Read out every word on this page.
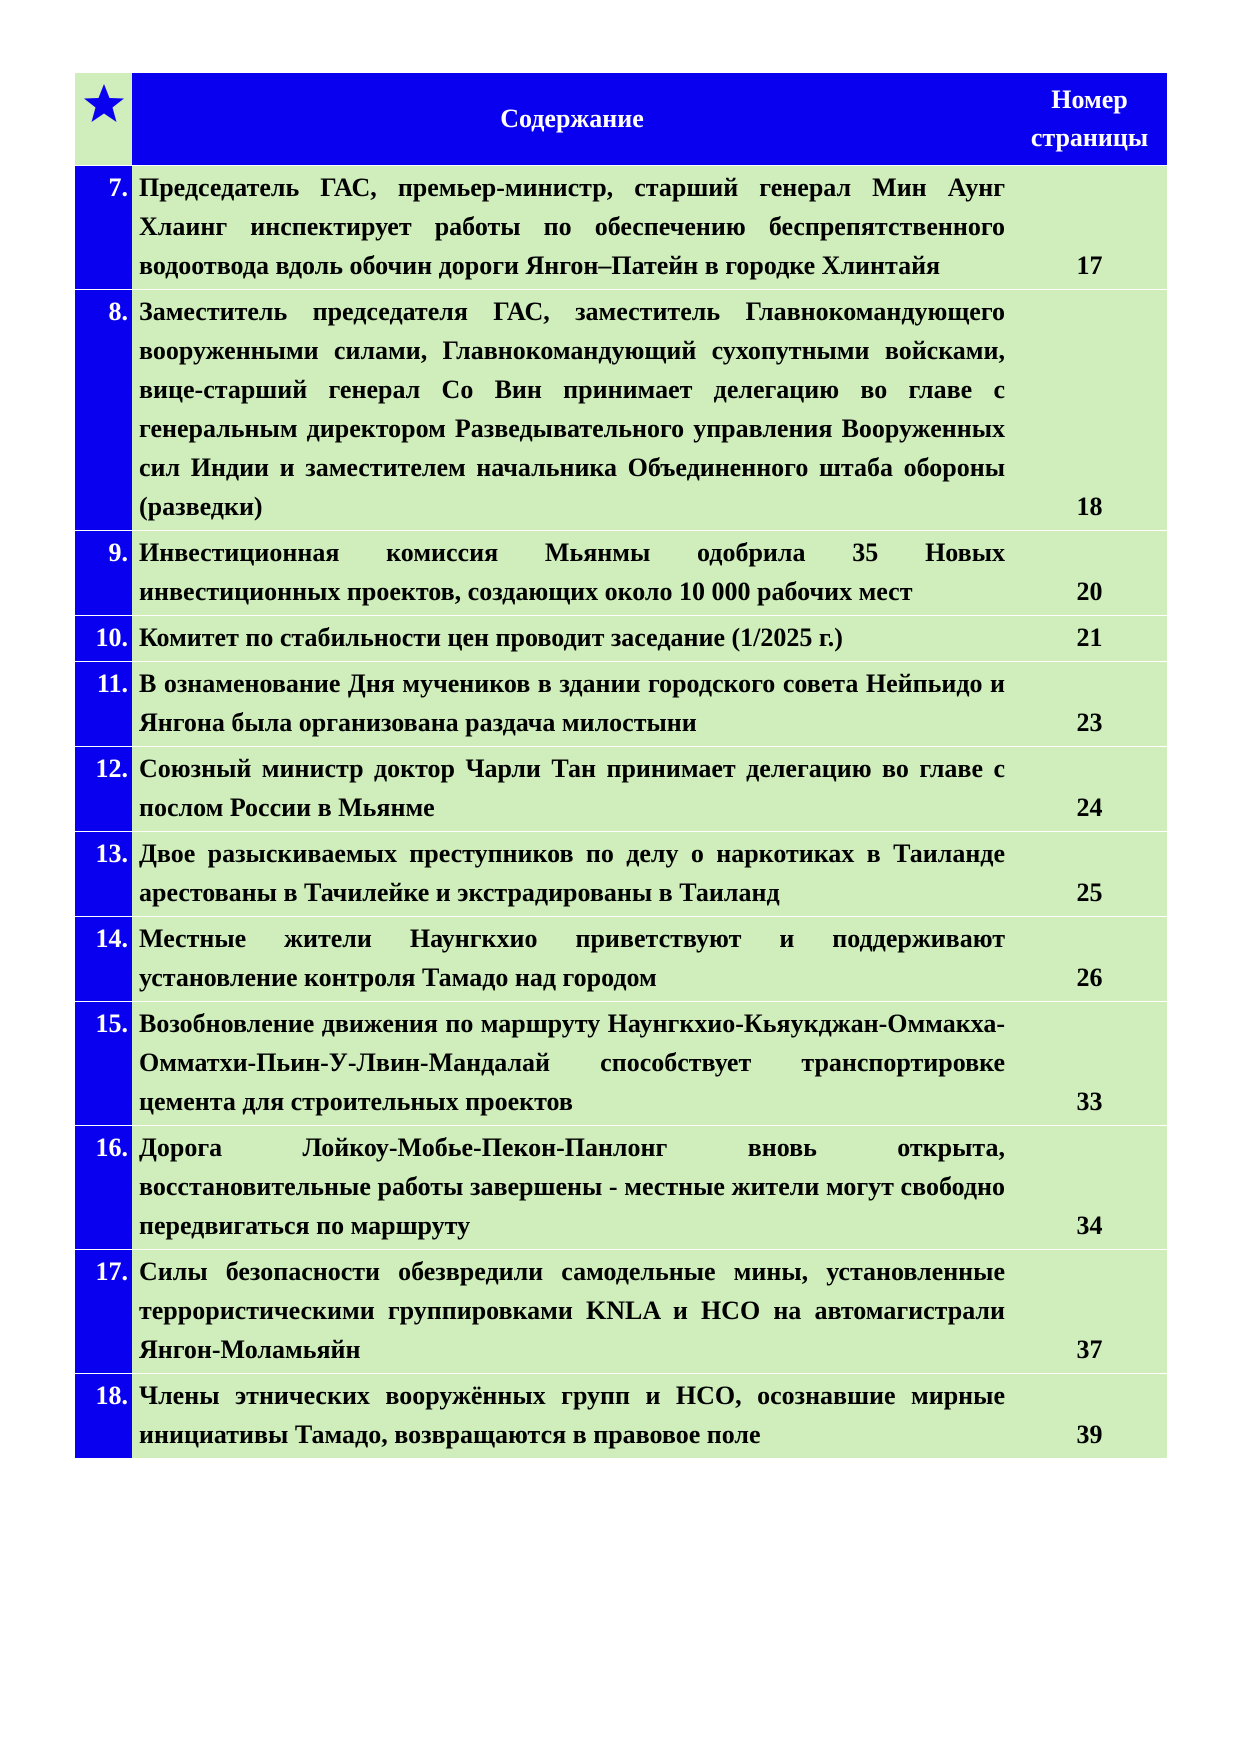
	Содержание	Номер
страницы
7.	Председатель ГАС, премьер-министр, старший генерал Мин Аунг Хлаинг инспектирует работы по обеспечению беспрепятственного водоотвода вдоль обочин дороги Янгон–Патейн в городке Хлинтайя	17
8.	Заместитель председателя ГАС, заместитель Главнокомандующего вооруженными силами, Главнокомандующий сухопутными войсками, вице-старший генерал Со Вин принимает делегацию во главе с генеральным директором Разведывательного управления Вооруженных сил Индии и заместителем начальника Объединенного штаба обороны (разведки)	18
9.	Инвестиционная комиссия Мьянмы одобрила 35 Новых инвестиционных проектов, создающих около 10 000 рабочих мест	20
10.	Комитет по стабильности цен проводит заседание (1/2025 г.)	21
11.	В ознаменование Дня мучеников в здании городского совета Нейпьидо и Янгона была организована раздача милостыни	23
12.	Союзный министр доктор Чарли Тан принимает делегацию во главе с послом России в Мьянме	24
13.	Двое разыскиваемых преступников по делу о наркотиках в Таиланде арестованы в Тачилейке и экстрадированы в Таиланд	25
14.	Местные жители Наунгкхио приветствуют и поддерживают установление контроля Тамадо над городом	26
15.	Возобновление движения по маршруту Наунгкхио-Кьяукджан-Оммакха-Омматхи-Пьин-У-Лвин-Мандалай способствует транспортировке цемента для строительных проектов	33
16.	Дорога Лойкоу-Мобье-Пекон-Панлонг вновь открыта, восстановительные работы завершены - местные жители могут свободно передвигаться по маршруту	34
17.	Силы безопасности обезвредили самодельные мины, установленные террористическими группировками KNLA и НСО на автомагистрали Янгон-Моламьяйн	37
18.	Члены этнических вооружённых групп и НСО, осознавшие мирные инициативы Тамадо, возвращаются в правовое поле	39
